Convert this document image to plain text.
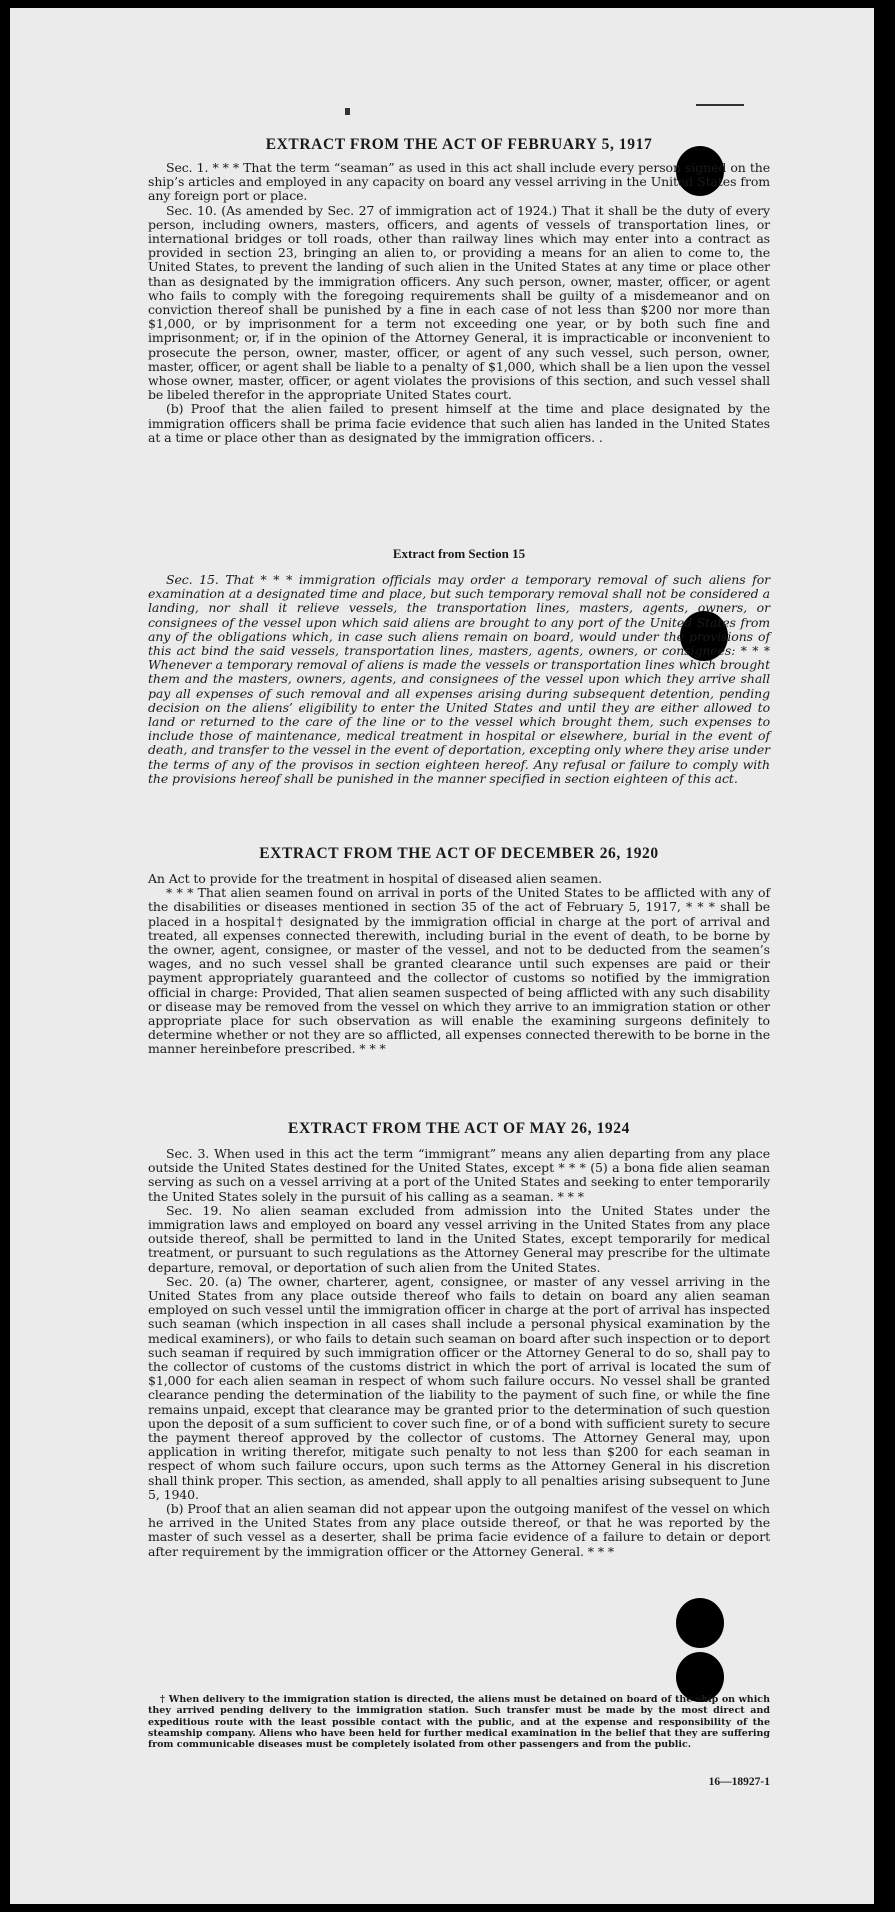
EXTRACT FROM THE ACT OF FEBRUARY 5, 1917

Sec. 1. * * * That the term “seaman” as used in this act shall include every person signed on the ship’s articles and employed in any capacity on board any vessel arriving in the United States from any foreign port or place.

Sec. 10. (As amended by Sec. 27 of immigration act of 1924.) That it shall be the duty of every person, including owners, masters, officers, and agents of vessels of transportation lines, or international bridges or toll roads, other than railway lines which may enter into a contract as provided in section 23, bringing an alien to, or providing a means for an alien to come to, the United States, to prevent the landing of such alien in the United States at any time or place other than as designated by the immigration officers. Any such person, owner, master, officer, or agent who fails to comply with the foregoing requirements shall be guilty of a misdemeanor and on conviction thereof shall be punished by a fine in each case of not less than $200 nor more than $1,000, or by imprisonment for a term not exceeding one year, or by both such fine and imprisonment; or, if in the opinion of the Attorney General, it is impracticable or inconvenient to prosecute the person, owner, master, officer, or agent of any such vessel, such person, owner, master, officer, or agent shall be liable to a penalty of $1,000, which shall be a lien upon the vessel whose owner, master, officer, or agent violates the provisions of this section, and such vessel shall be libeled therefor in the appropriate United States court.

(b) Proof that the alien failed to present himself at the time and place designated by the immigration officers shall be prima facie evidence that such alien has landed in the United States at a time or place other than as designated by the immigration officers. .

Extract from Section 15

Sec. 15. That * * * immigration officials may order a temporary removal of such aliens for examination at a designated time and place, but such temporary removal shall not be considered a landing, nor shall it relieve vessels, the transportation lines, masters, agents, owners, or consignees of the vessel upon which said aliens are brought to any port of the United States from any of the obligations which, in case such aliens remain on board, would under the provisions of this act bind the said vessels, transportation lines, masters, agents, owners, or consignees: * * * Whenever a temporary removal of aliens is made the vessels or transportation lines which brought them and the masters, owners, agents, and consignees of the vessel upon which they arrive shall pay all expenses of such removal and all expenses arising during subsequent detention, pending decision on the aliens’ eligibility to enter the United States and until they are either allowed to land or returned to the care of the line or to the vessel which brought them, such expenses to include those of maintenance, medical treatment in hospital or elsewhere, burial in the event of death, and transfer to the vessel in the event of deportation, excepting only where they arise under the terms of any of the provisos in section eighteen hereof. Any refusal or failure to comply with the provisions hereof shall be punished in the manner specified in section eighteen of this act.

EXTRACT FROM THE ACT OF DECEMBER 26, 1920

An Act to provide for the treatment in hospital of diseased alien seamen.

* * * That alien seamen found on arrival in ports of the United States to be afflicted with any of the disabilities or diseases mentioned in section 35 of the act of February 5, 1917, * * * shall be placed in a hospital† designated by the immigration official in charge at the port of arrival and treated, all expenses connected therewith, including burial in the event of death, to be borne by the owner, agent, consignee, or master of the vessel, and not to be deducted from the seamen’s wages, and no such vessel shall be granted clearance until such expenses are paid or their payment appropriately guaranteed and the collector of customs so notified by the immigration official in charge: Provided, That alien seamen suspected of being afflicted with any such disability or disease may be removed from the vessel on which they arrive to an immigration station or other appropriate place for such observation as will enable the examining surgeons definitely to determine whether or not they are so afflicted, all expenses connected therewith to be borne in the manner hereinbefore prescribed. * * *

EXTRACT FROM THE ACT OF MAY 26, 1924

Sec. 3. When used in this act the term “immigrant” means any alien departing from any place outside the United States destined for the United States, except * * * (5) a bona fide alien seaman serving as such on a vessel arriving at a port of the United States and seeking to enter temporarily the United States solely in the pursuit of his calling as a seaman. * * *

Sec. 19. No alien seaman excluded from admission into the United States under the immigration laws and employed on board any vessel arriving in the United States from any place outside thereof, shall be permitted to land in the United States, except temporarily for medical treatment, or pursuant to such regulations as the Attorney General may prescribe for the ultimate departure, removal, or deportation of such alien from the United States.

Sec. 20. (a) The owner, charterer, agent, consignee, or master of any vessel arriving in the United States from any place outside thereof who fails to detain on board any alien seaman employed on such vessel until the immigration officer in charge at the port of arrival has inspected such seaman (which inspection in all cases shall include a personal physical examination by the medical examiners), or who fails to detain such seaman on board after such inspection or to deport such seaman if required by such immigration officer or the Attorney General to do so, shall pay to the collector of customs of the customs district in which the port of arrival is located the sum of $1,000 for each alien seaman in respect of whom such failure occurs. No vessel shall be granted clearance pending the determination of the liability to the payment of such fine, or while the fine remains unpaid, except that clearance may be granted prior to the determination of such question upon the deposit of a sum sufficient to cover such fine, or of a bond with sufficient surety to secure the payment thereof approved by the collector of customs. The Attorney General may, upon application in writing therefor, mitigate such penalty to not less than $200 for each seaman in respect of whom such failure occurs, upon such terms as the Attorney General in his discretion shall think proper. This section, as amended, shall apply to all penalties arising subsequent to June 5, 1940.

(b) Proof that an alien seaman did not appear upon the outgoing manifest of the vessel on which he arrived in the United States from any place outside thereof, or that he was reported by the master of such vessel as a deserter, shall be prima facie evidence of a failure to detain or deport after requirement by the immigration officer or the Attorney General. * * *

† When delivery to the immigration station is directed, the aliens must be detained on board of the ship on which they arrived pending delivery to the immigration station. Such transfer must be made by the most direct and expeditious route with the least possible contact with the public, and at the expense and responsibility of the steamship company. Aliens who have been held for further medical examination in the belief that they are suffering from communicable diseases must be completely isolated from other passengers and from the public.

16—18927-1
